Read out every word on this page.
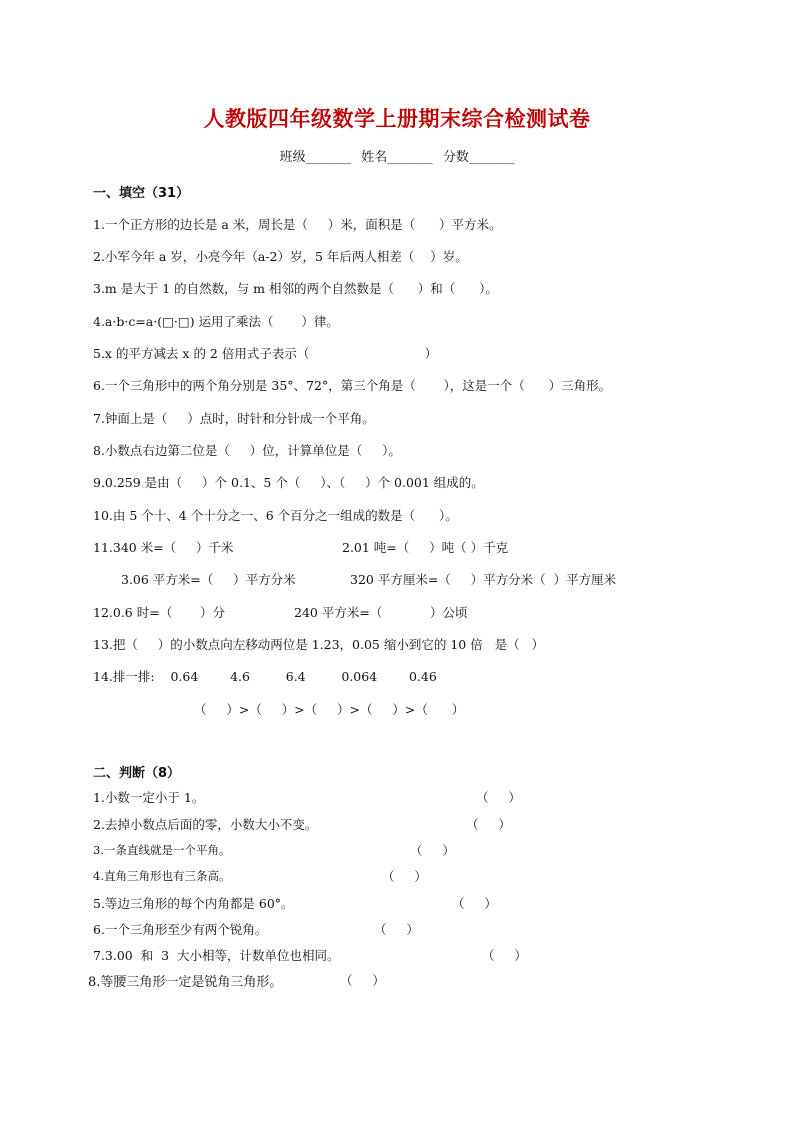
人教版四年级数学上册期末综合检测试卷
班级_______ 姓名_______ 分数_______
一、填空（31）
1.一个正方形的边长是 a 米，周长是（     ）米，面积是（      ）平方米。
2.小军今年 a 岁，小亮今年（a-2）岁，5 年后两人相差（    ）岁。
3.m 是大于 1 的自然数，与 m 相邻的两个自然数是（      ）和（      ）。
4.a·b·c=a·(□·□) 运用了乘法（       ）律。
5.x 的平方减去 x 的 2 倍用式子表示（                             ）
6.一个三角形中的两个角分别是 35°、72°，第三个角是（       ），这是一个（      ）三角形。
7.钟面上是（     ）点时，时针和分针成一个平角。
8.小数点右边第二位是（     ）位，计算单位是（     ）。
9.0.259 是由（     ）个 0.1、5 个（     ）、（     ）个 0.001 组成的。
10.由 5 个十、4 个十分之一、6 个百分之一组成的数是（      ）。
11.340 米=（     ）千米	2.01 吨=（     ）吨（ ）千克
3.06 平方米=（     ）平方分米	320 平方厘米=（     ）平方分米（  ）平方厘米
12.0.6 时=（       ）分	240 平方米=（            ）公顷
13.把（     ）的小数点向左移动两位是 1.23，0.05 缩小到它的 10 倍   是（   ）
14.排一排:    0.64        4.6         6.4         0.064        0.46
（     ）>（     ）>（     ）>（     ）>（      ）
二、判断（8）
1.小数一定小于 1。	（     ）
2.去掉小数点后面的零，小数大小不变。	（     ）
3.一条直线就是一个平角。	（     ）
4.直角三角形也有三条高。	（     ）
5.等边三角形的每个内角都是 60°。	（     ）
6.一个三角形至少有两个锐角。	（     ）
7.3.00  和  3  大小相等，计数单位也相同。	（     ）
8.等腰三角形一定是锐角三角形。	（     ）
